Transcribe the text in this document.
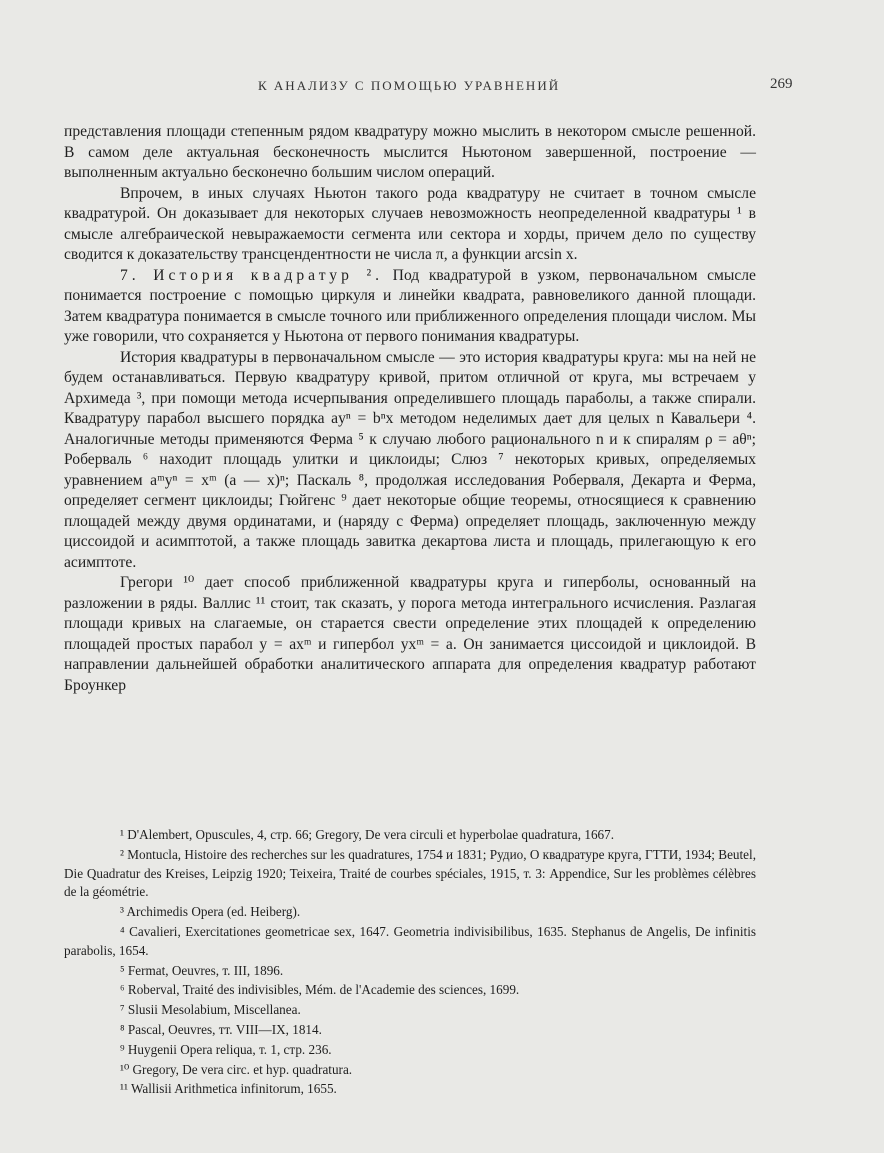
К АНАЛИЗУ С ПОМОЩЬЮ УРАВНЕНИЙ	269

представления площади степенным рядом квадратуру можно мыслить в некотором смысле решенной. В самом деле актуальная бесконечность мыслится Ньютоном завершенной, построение — выполненным актуально бесконечно большим числом операций.

Впрочем, в иных случаях Ньютон такого рода квадратуру не считает в точном смысле квадратурой. Он доказывает для некоторых случаев невозможность неопределенной квадратуры ¹ в смысле алгебраической невыражаемости сегмента или сектора и хорды, причем дело по существу сводится к доказательству трансцендентности не числа π, а функции arcsin x.

7. История квадратур ². Под квадратурой в узком, первоначальном смысле понимается построение с помощью циркуля и линейки квадрата, равновеликого данной площади. Затем квадратура понимается в смысле точного или приближенного определения площади числом. Мы уже говорили, что сохраняется у Ньютона от первого понимания квадратуры.

История квадратуры в первоначальном смысле — это история квадратуры круга: мы на ней не будем останавливаться. Первую квадратуру кривой, притом отличной от круга, мы встречаем у Архимеда ³, при помощи метода исчерпывания определившего площадь параболы, а также спирали. Квадратуру парабол высшего порядка ayⁿ = bⁿx методом неделимых дает для целых n Кавальери ⁴. Аналогичные методы применяются Ферма ⁵ к случаю любого рационального n и к спиралям ρ = aθⁿ; Роберваль ⁶ находит площадь улитки и циклоиды; Слюз ⁷ некоторых кривых, определяемых уравнением aᵐyⁿ = xᵐ (a — x)ⁿ; Паскаль ⁸, продолжая исследования Роберваля, Декарта и Ферма, определяет сегмент циклоиды; Гюйгенс ⁹ дает некоторые общие теоремы, относящиеся к сравнению площадей между двумя ординатами, и (наряду с Ферма) определяет площадь, заключенную между циссоидой и асимптотой, а также площадь завитка декартова листа и площадь, прилегающую к его асимптоте.

Грегори ¹⁰ дает способ приближенной квадратуры круга и гиперболы, основанный на разложении в ряды. Валлис ¹¹ стоит, так сказать, у порога метода интегрального исчисления. Разлагая площади кривых на слагаемые, он старается свести определение этих площадей к определению площадей простых парабол y = axᵐ и гипербол yxᵐ = a. Он занимается циссоидой и циклоидой. В направлении дальнейшей обработки аналитического аппарата для определения квадратур работают Броункер

¹ D'Alembert, Opuscules, 4, стр. 66; Gregory, De vera circuli et hyperbolae quadratura, 1667.

² Montucla, Histoire des recherches sur les quadratures, 1754 и 1831; Рудио, О квадратуре круга, ГТТИ, 1934; Beutel, Die Quadratur des Kreises, Leipzig 1920; Teixeira, Traité de courbes spéciales, 1915, т. 3: Appendice, Sur les problèmes célèbres de la géométrie.

³ Archimedis Opera (ed. Heiberg).

⁴ Cavalieri, Exercitationes geometricae sex, 1647. Geometria indivisibilibus, 1635. Stephanus de Angelis, De infinitis parabolis, 1654.

⁵ Fermat, Oeuvres, т. III, 1896.

⁶ Roberval, Traité des indivisibles, Mém. de l'Academie des sciences, 1699.

⁷ Slusii Mesolabium, Miscellanea.

⁸ Pascal, Oeuvres, тт. VIII—IX, 1814.

⁹ Huygenii Opera reliqua, т. 1, стр. 236.

¹⁰ Gregory, De vera circ. et hyp. quadratura.

¹¹ Wallisii Arithmetica infinitorum, 1655.
